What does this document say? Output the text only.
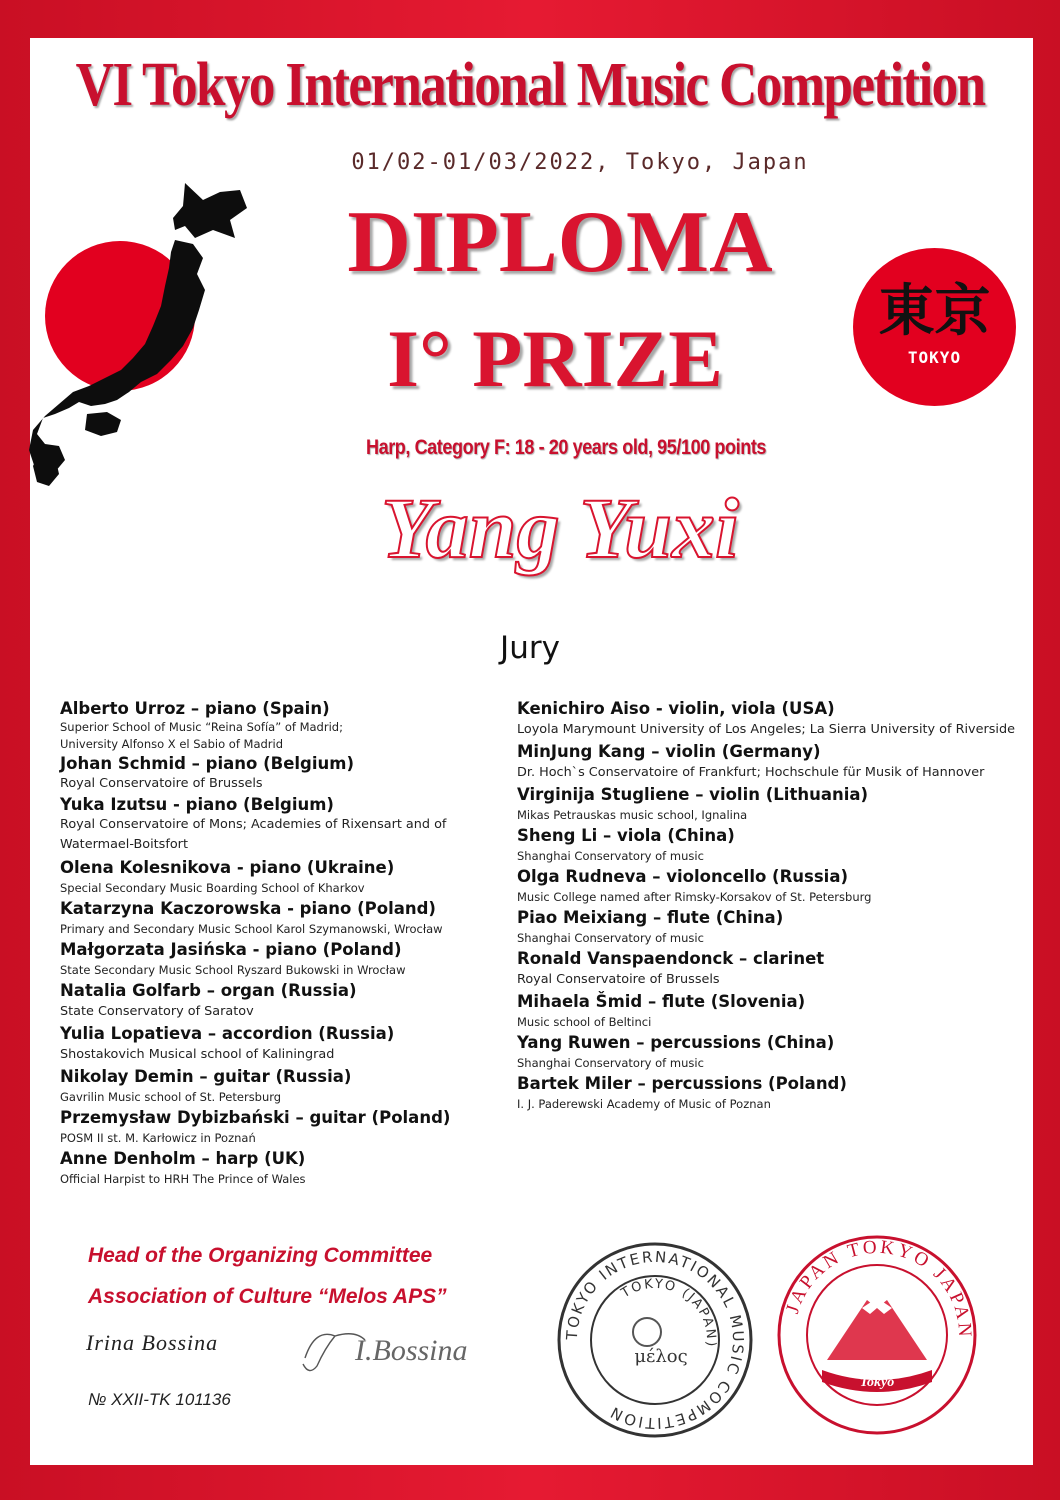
VI Tokyo International Music Competition
01/02-01/03/2022, Tokyo, Japan
DIPLOMA
I° PRIZE
東京
TOKYO
Harp, Category F: 18 - 20 years old, 95/100 points
Yang Yuxi
Jury
Alberto Urroz – piano (Spain)
Superior School of Music “Reina Sofía” of Madrid; University Alfonso X el Sabio of Madrid
Johan Schmid – piano (Belgium)
Royal Conservatoire of Brussels
Yuka Izutsu - piano (Belgium)
Royal Conservatoire of Mons; Academies of Rixensart and of Watermael-Boitsfort
Olena Kolesnikova - piano (Ukraine)
Special Secondary Music Boarding School of Kharkov
Katarzyna Kaczorowska - piano (Poland)
Primary and Secondary Music School Karol Szymanowski, Wrocław
Małgorzata Jasińska - piano (Poland)
State Secondary Music School Ryszard Bukowski in Wrocław
Natalia Golfarb – organ (Russia)
State Conservatory of Saratov
Yulia Lopatieva – accordion (Russia)
Shostakovich Musical school of Kaliningrad
Nikolay Demin – guitar (Russia)
Gavrilin Music school of St. Petersburg
Przemysław Dybizbański – guitar (Poland)
POSM II st. M. Karłowicz in Poznań
Anne Denholm – harp (UK)
Official Harpist to HRH The Prince of Wales
Kenichiro Aiso - violin, viola (USA)
Loyola Marymount University of Los Angeles; La Sierra University of Riverside
MinJung Kang – violin (Germany)
Dr. Hoch`s Conservatoire of Frankfurt; Hochschule für Musik of Hannover
Virginija Stugliene – violin (Lithuania)
Mikas Petrauskas music school, Ignalina
Sheng Li – viola (China)
Shanghai Conservatory of music
Olga Rudneva – violoncello (Russia)
Music College named after Rimsky-Korsakov of St. Petersburg
Piao Meixiang – flute (China)
Shanghai Conservatory of music
Ronald Vanspaendonck – clarinet
Royal Conservatoire of Brussels
Mihaela Šmid – flute (Slovenia)
Music school of Beltinci
Yang Ruwen – percussions (China)
Shanghai Conservatory of music
Bartek Miler – percussions (Poland)
I. J. Paderewski Academy of Music of Poznan
Head of the Organizing Committee
Association of Culture “Melos APS”
Irina Bossina	I.Bossina
№ XXII-TK 101136
TOKYO INTERNATIONAL MUSIC COMPETITION
TOKYO (JAPAN)
μέλος
JAPAN TOKYO JAPAN
Tokyo
